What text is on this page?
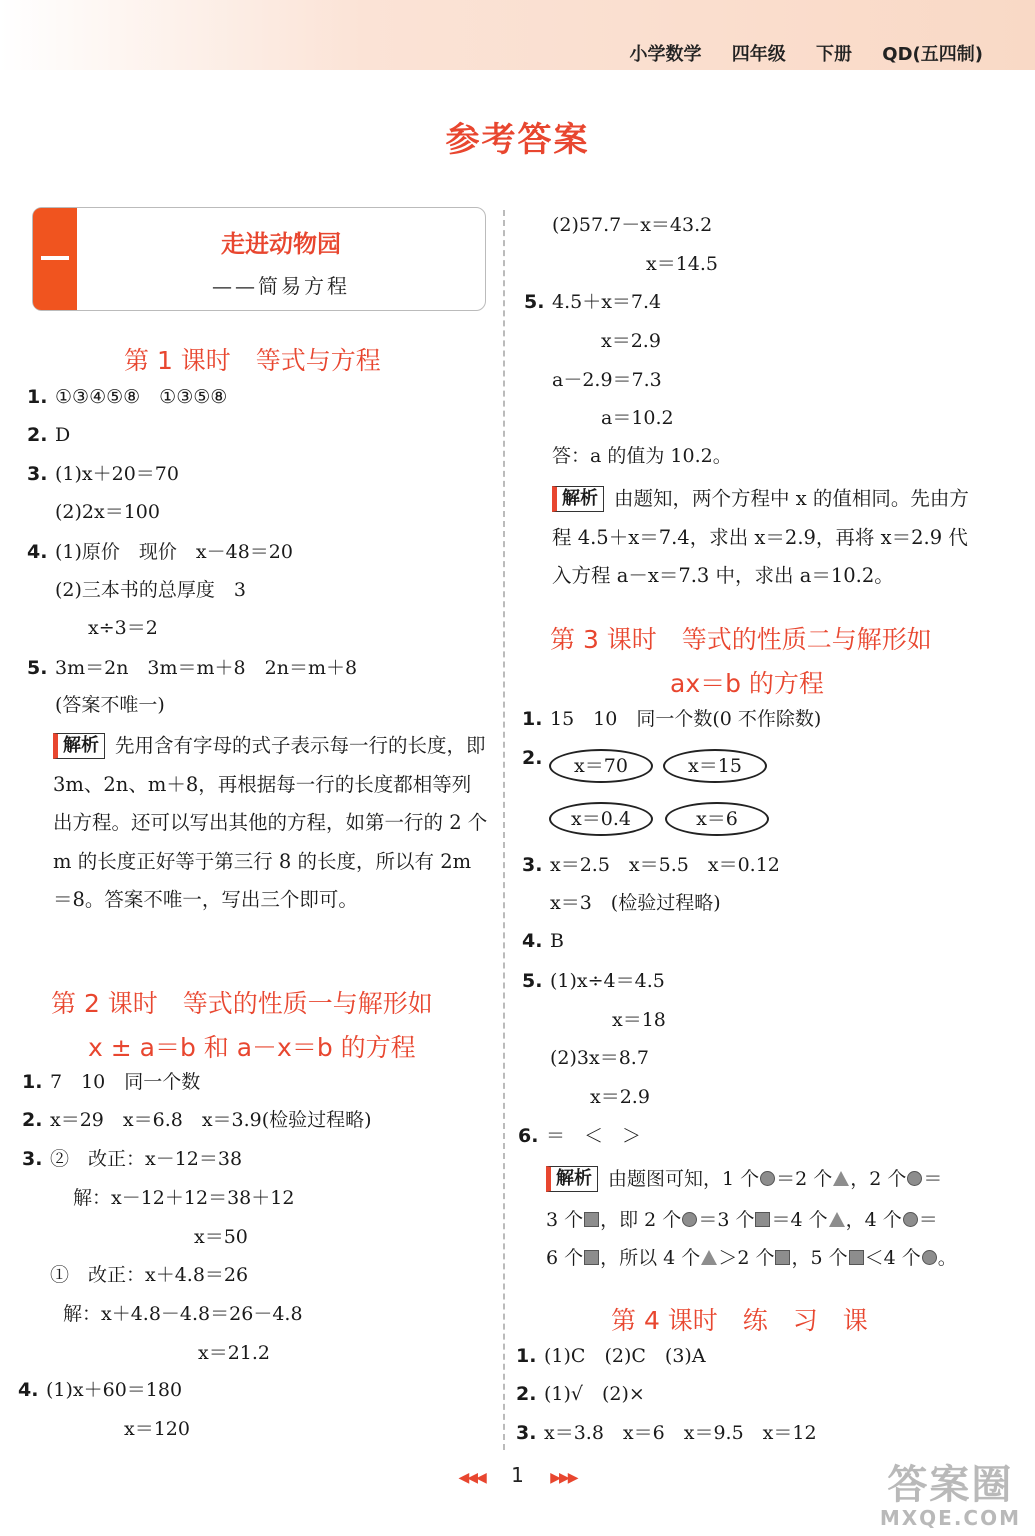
小学数学 四年级 下册 QD(五四制)
参考答案
走进动物园
——简易方程
第 1 课时　等式与方程
1. ①③④⑤⑧　①③⑤⑧
2. D
3. (1)x＋20＝70
(2)2x＝100
4. (1)原价　现价　x－48＝20
(2)三本书的总厚度　3
x÷3＝2
5. 3m＝2n　3m＝m＋8　2n＝m＋8
(答案不唯一)
解析 先用含有字母的式子表示每一行的长度，即 3m、2n、m＋8，再根据每一行的长度都相等列出方程。还可以写出其他的方程，如第一行的 2 个 m 的长度正好等于第三行 8 的长度，所以有 2m＝8。答案不唯一，写出三个即可。
第 2 课时　等式的性质一与解形如
x ± a＝b 和 a－x＝b 的方程
1. 7　10　同一个数
2. x＝29　x＝6.8　x＝3.9(检验过程略)
3. ②　改正：x－12＝38
解：x－12＋12＝38＋12
x＝50
①　改正：x＋4.8＝26
解：x＋4.8－4.8＝26－4.8
x＝21.2
4. (1)x＋60＝180
x＝120
(2)57.7－x＝43.2
x＝14.5
5. 4.5＋x＝7.4
x＝2.9
a－2.9＝7.3
a＝10.2
答：a 的值为 10.2。
解析 由题知，两个方程中 x 的值相同。先由方程 4.5＋x＝7.4，求出 x＝2.9，再将 x＝2.9 代入方程 a－x＝7.3 中，求出 a＝10.2。
第 3 课时　等式的性质二与解形如
ax＝b 的方程
1. 15　10　同一个数(0 不作除数)
2.	x＝70	x＝15
x＝0.4	x＝6
3. x＝2.5　x＝5.5　x＝0.12
x＝3　(检验过程略)
4. B
5. (1)x÷4＝4.5
x＝18
(2)3x＝8.7
x＝2.9
6. ＝　＜　＞
解析 由题图可知，1 个 ＝2 个 ，2 个 ＝
3 个 ，即 2 个 ＝3 个 ＝4 个 ，4 个 ＝
6 个 ，所以 4 个 ＞2 个 ，5 个 ＜4 个 。
第 4 课时　练　习　课
1. (1)C　(2)C　(3)A
2. (1)√　(2)×
3. x＝3.8　x＝6　x＝9.5　x＝12
◀◀◀ 1 ▶▶▶	答案圈
MXQE.COM
